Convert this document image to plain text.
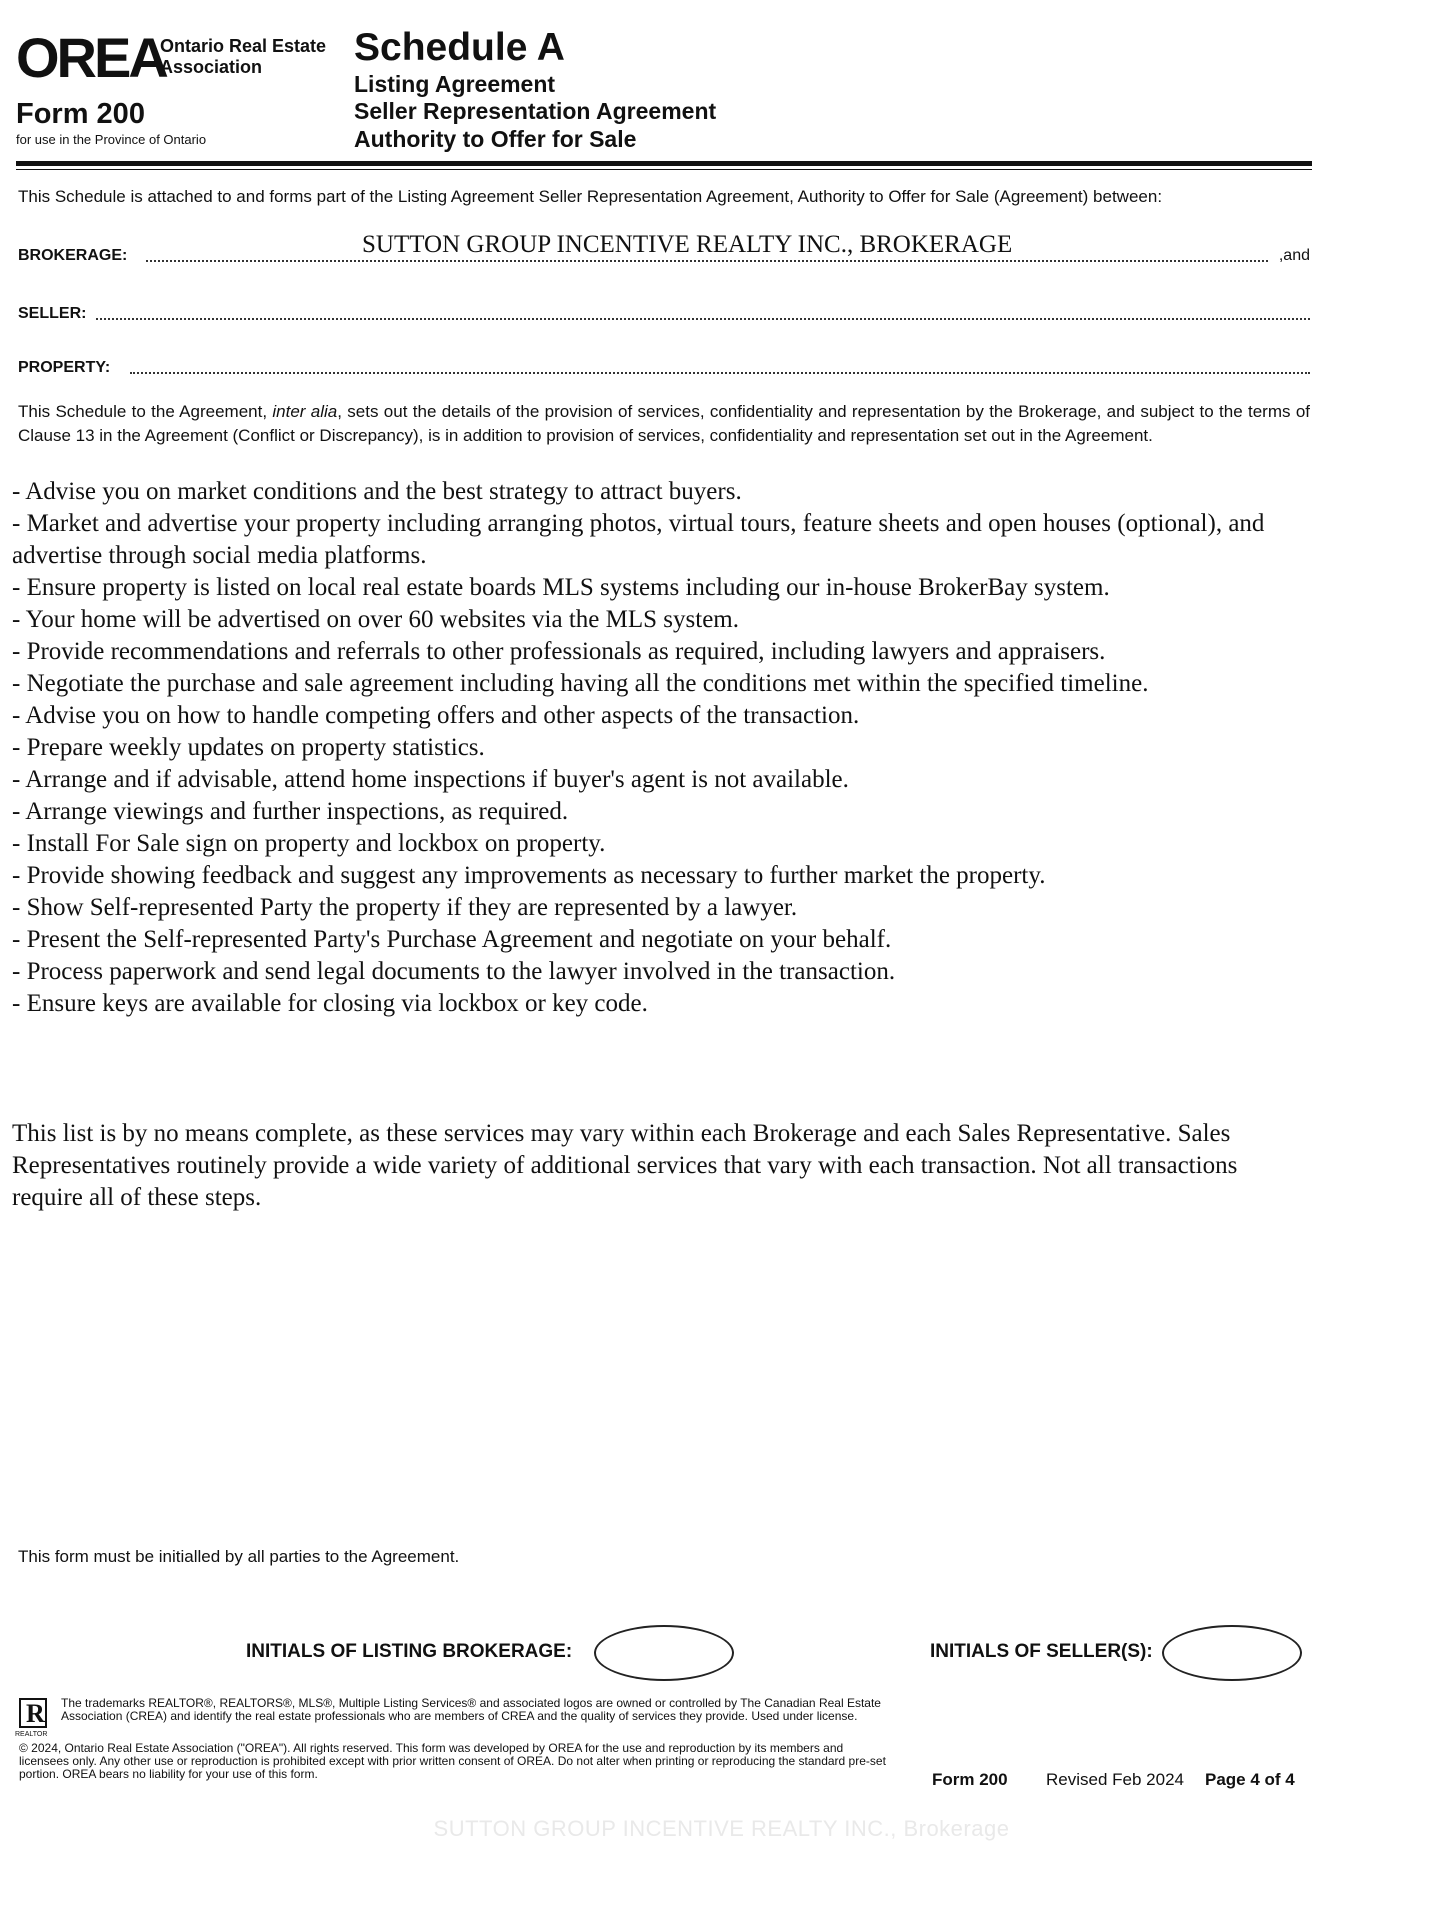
OREA
Ontario Real Estate Association
Form 200
for use in the Province of Ontario
Schedule A
Listing Agreement
Seller Representation Agreement
Authority to Offer for Sale
This Schedule is attached to and forms part of the Listing Agreement Seller Representation Agreement, Authority to Offer for Sale (Agreement) between:
BROKERAGE:	,and
SUTTON GROUP INCENTIVE REALTY INC., BROKERAGE
SELLER:
PROPERTY:
This Schedule to the Agreement, inter alia, sets out the details of the provision of services, confidentiality and representation by the Brokerage, and subject to the terms of Clause 13 in the Agreement (Conflict or Discrepancy), is in addition to provision of services, confidentiality and representation set out in the Agreement.
- Advise you on market conditions and the best strategy to attract buyers.
- Market and advertise your property including arranging photos, virtual tours, feature sheets and open houses (optional), and advertise through social media platforms.
- Ensure property is listed on local real estate boards MLS systems including our in-house BrokerBay system.
- Your home will be advertised on over 60 websites via the MLS system.
- Provide recommendations and referrals to other professionals as required, including lawyers and appraisers.
- Negotiate the purchase and sale agreement including having all the conditions met within the specified timeline.
- Advise you on how to handle competing offers and other aspects of the transaction.
- Prepare weekly updates on property statistics.
- Arrange and if advisable, attend home inspections if buyer's agent is not available.
- Arrange viewings and further inspections, as required.
- Install For Sale sign on property and lockbox on property.
- Provide showing feedback and suggest any improvements as necessary to further market the property.
- Show Self-represented Party the property if they are represented by a lawyer.
- Present the Self-represented Party's Purchase Agreement and negotiate on your behalf.
- Process paperwork and send legal documents to the lawyer involved in the transaction.
- Ensure keys are available for closing via lockbox or key code.
This list is by no means complete, as these services may vary within each Brokerage and each Sales Representative. Sales Representatives routinely provide a wide variety of additional services that vary with each transaction. Not all transactions require all of these steps.
This form must be initialled by all parties to the Agreement.
INITIALS OF LISTING BROKERAGE:	INITIALS OF SELLER(S):
R
REALTOR
The trademarks REALTOR®, REALTORS®, MLS®, Multiple Listing Services® and associated logos are owned or controlled by The Canadian Real Estate Association (CREA) and identify the real estate professionals who are members of CREA and the quality of services they provide. Used under license.
© 2024, Ontario Real Estate Association ("OREA"). All rights reserved. This form was developed by OREA for the use and reproduction by its members and licensees only. Any other use or reproduction is prohibited except with prior written consent of OREA. Do not alter when printing or reproducing the standard pre-set portion. OREA bears no liability for your use of this form.	Form 200 Revised Feb 2024 Page 4 of 4
SUTTON GROUP INCENTIVE REALTY INC., Brokerage
